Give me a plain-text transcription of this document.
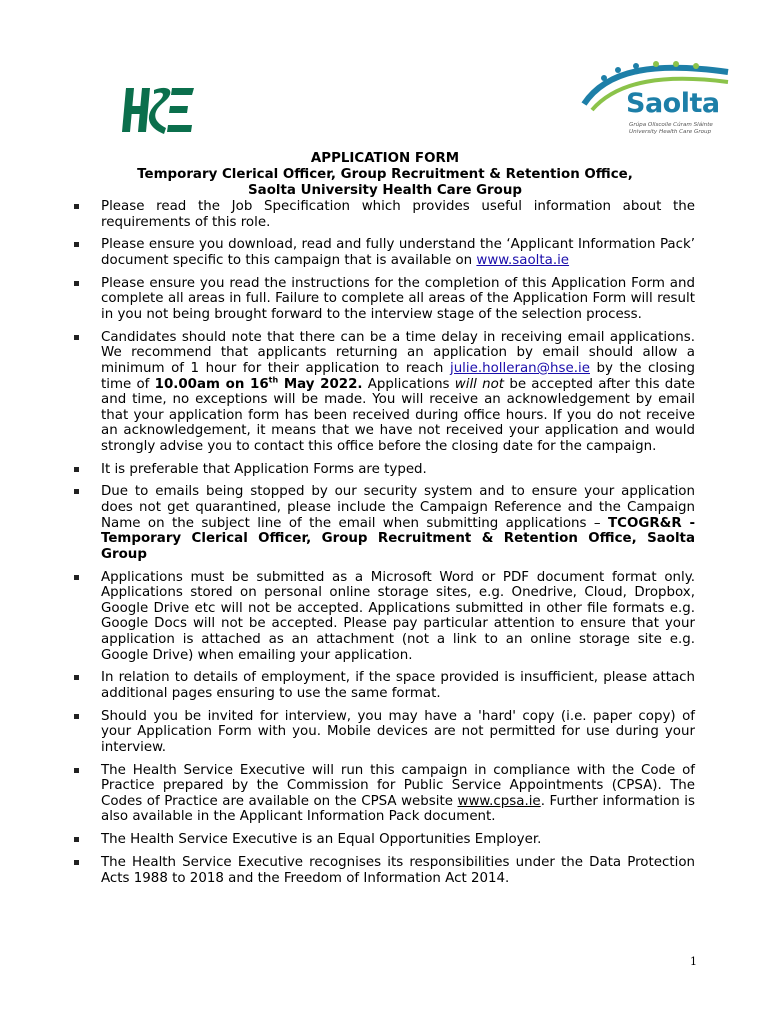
Saolta
Grúpa Ollscoile Cúram Sláinte
University Health Care Group
APPLICATION FORM
Temporary Clerical Officer, Group Recruitment & Retention Office,
Saolta University Health Care Group
Please read the Job Specification which provides useful information about the requirements of this role.
Please ensure you download, read and fully understand the ‘Applicant Information Pack’ document specific to this campaign that is available on www.saolta.ie
Please ensure you read the instructions for the completion of this Application Form and complete all areas in full. Failure to complete all areas of the Application Form will result in you not being brought forward to the interview stage of the selection process.
Candidates should note that there can be a time delay in receiving email applications. We recommend that applicants returning an application by email should allow a minimum of 1 hour for their application to reach julie.holleran@hse.ie by the closing time of 10.00am on 16th May 2022. Applications will not be accepted after this date and time, no exceptions will be made. You will receive an acknowledgement by email that your application form has been received during office hours. If you do not receive an acknowledgement, it means that we have not received your application and would strongly advise you to contact this office before the closing date for the campaign.
It is preferable that Application Forms are typed.
Due to emails being stopped by our security system and to ensure your application does not get quarantined, please include the Campaign Reference and the Campaign Name on the subject line of the email when submitting applications – TCOGR&R - Temporary Clerical Officer, Group Recruitment & Retention Office, Saolta Group
Applications must be submitted as a Microsoft Word or PDF document format only. Applications stored on personal online storage sites, e.g. Onedrive, Cloud, Dropbox, Google Drive etc will not be accepted. Applications submitted in other file formats e.g. Google Docs will not be accepted. Please pay particular attention to ensure that your application is attached as an attachment (not a link to an online storage site e.g. Google Drive) when emailing your application.
In relation to details of employment, if the space provided is insufficient, please attach additional pages ensuring to use the same format.
Should you be invited for interview, you may have a 'hard' copy (i.e. paper copy) of your Application Form with you. Mobile devices are not permitted for use during your interview.
The Health Service Executive will run this campaign in compliance with the Code of Practice prepared by the Commission for Public Service Appointments (CPSA). The Codes of Practice are available on the CPSA website www.cpsa.ie. Further information is also available in the Applicant Information Pack document.
The Health Service Executive is an Equal Opportunities Employer.
The Health Service Executive recognises its responsibilities under the Data Protection Acts 1988 to 2018 and the Freedom of Information Act 2014.
1
